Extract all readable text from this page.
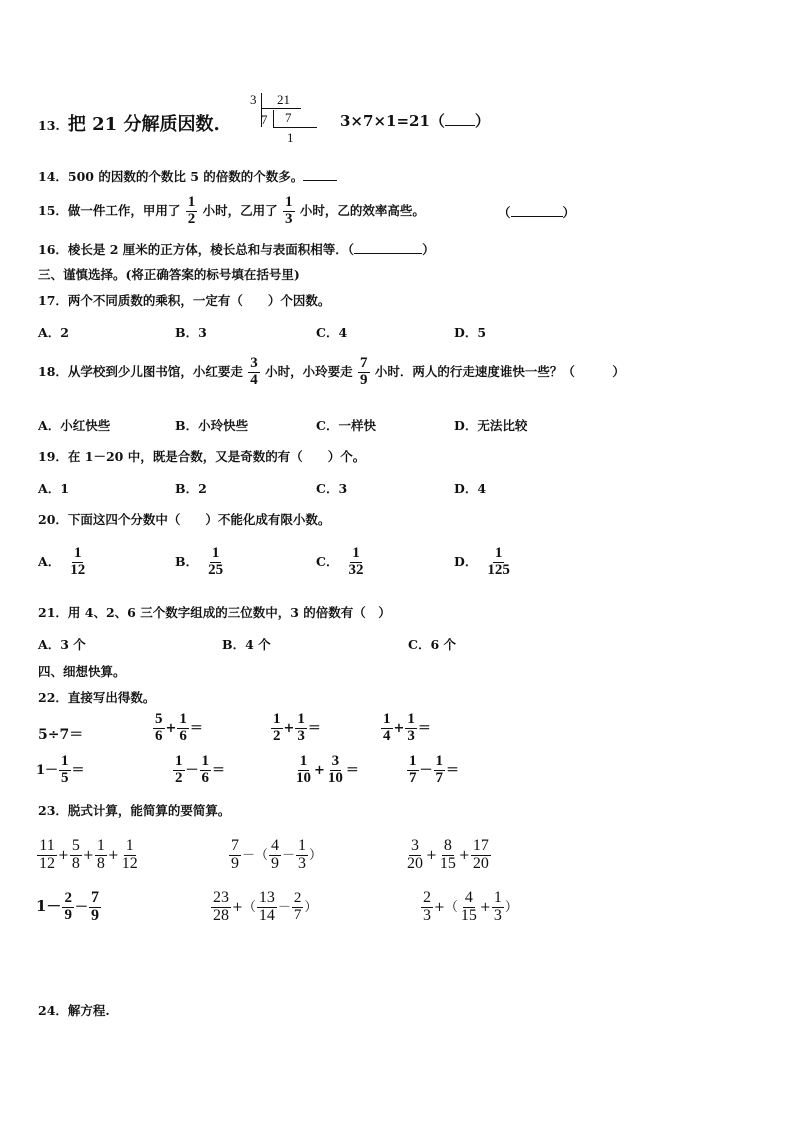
13. 把 21 分解质因数.
3 21
7 7
1
3×7×1=21（ ）
14．500 的因数的个数比 5 的倍数的个数多。
15．做一件工作，甲用了 $\frac{1}{2}$ 小时，乙用了 $\frac{1}{3}$ 小时，乙的效率高些。	（	）
16．棱长是 2 厘米的正方体，棱长总和与表面积相等．（	）
三、谨慎选择。(将正确答案的标号填在括号里)
17．两个不同质数的乘积，一定有（　　）个因数。
A．2	B．3	C．4	D．5
18．从学校到少儿图书馆，小红要走 $\frac{3}{4}$ 小时，小玲要走 $\frac{7}{9}$ 小时．两人的行走速度谁快一些？（　　　）
A．小红快些	B．小玲快些	C．一样快	D．无法比较
19．在 1－20 中，既是合数，又是奇数的有（　　）个。
A．1	B．2	C．3	D．4
20．下面这四个分数中（　　）不能化成有限小数。
A． $\frac{1}{12}$	B． $\frac{1}{25}$	C． $\frac{1}{32}$	D． $\frac{1}{125}$
21．用 4、2、6 三个数字组成的三位数中，3 的倍数有（　）
A．3 个	B．4 个	C．6 个
四、细想快算。
22．直接写出得数。
5÷7＝	$\frac{5}{6} + \frac{1}{6}$ ＝	$\frac{1}{2} + \frac{1}{3}$ ＝	$\frac{1}{4} + \frac{1}{3}$ ＝
$1- \frac{1}{5}$ ＝	$\frac{1}{2} - \frac{1}{6}$ ＝	$\frac{1}{10} + \frac{3}{10}$ ＝	$\frac{1}{7} - \frac{1}{7}$ ＝
23．脱式计算，能简算的要简算。
$\frac{11}{12} + \frac{5}{8} + \frac{1}{8} + \frac{1}{12}$	$\frac{7}{9}$ －（ $\frac{4}{9} - \frac{1}{3}$ ）	$\frac{3}{20} + \frac{8}{15} + \frac{17}{20}$
$1- \frac{2}{9} - \frac{7}{9}$	$\frac{23}{28}$ +（ $\frac{13}{14} - \frac{2}{7}$ ）	$\frac{2}{3}$ +（ $\frac{4}{15} + \frac{1}{3}$ ）
24．解方程.
